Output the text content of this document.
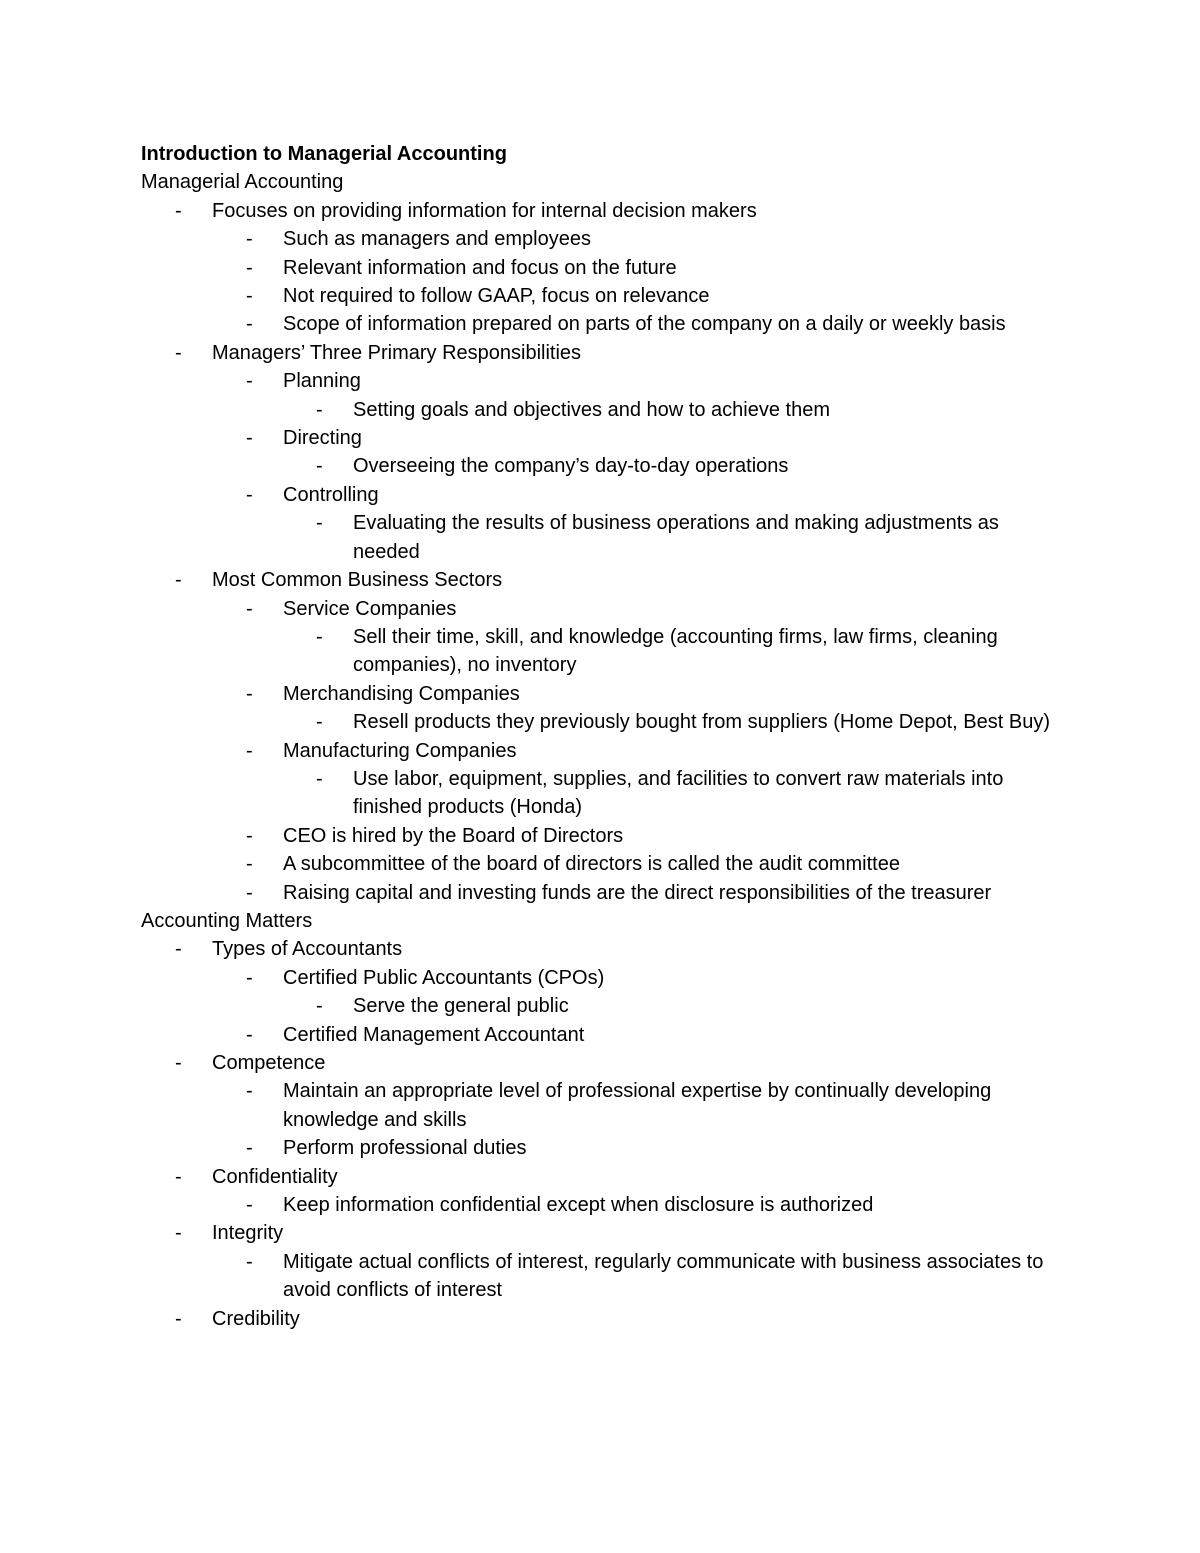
Introduction to Managerial Accounting
Managerial Accounting
- Focuses on providing information for internal decision makers
- Such as managers and employees
- Relevant information and focus on the future
- Not required to follow GAAP, focus on relevance
- Scope of information prepared on parts of the company on a daily or weekly basis
- Managers’ Three Primary Responsibilities
- Planning
- Setting goals and objectives and how to achieve them
- Directing
- Overseeing the company’s day-to-day operations
- Controlling
- Evaluating the results of business operations and making adjustments as needed
- Most Common Business Sectors
- Service Companies
- Sell their time, skill, and knowledge (accounting firms, law firms, cleaning companies), no inventory
- Merchandising Companies
- Resell products they previously bought from suppliers (Home Depot, Best Buy)
- Manufacturing Companies
- Use labor, equipment, supplies, and facilities to convert raw materials into finished products (Honda)
- CEO is hired by the Board of Directors
- A subcommittee of the board of directors is called the audit committee
- Raising capital and investing funds are the direct responsibilities of the treasurer
Accounting Matters
- Types of Accountants
- Certified Public Accountants (CPOs)
- Serve the general public
- Certified Management Accountant
- Competence
- Maintain an appropriate level of professional expertise by continually developing knowledge and skills
- Perform professional duties
- Confidentiality
- Keep information confidential except when disclosure is authorized
- Integrity
- Mitigate actual conflicts of interest, regularly communicate with business associates to avoid conflicts of interest
- Credibility
